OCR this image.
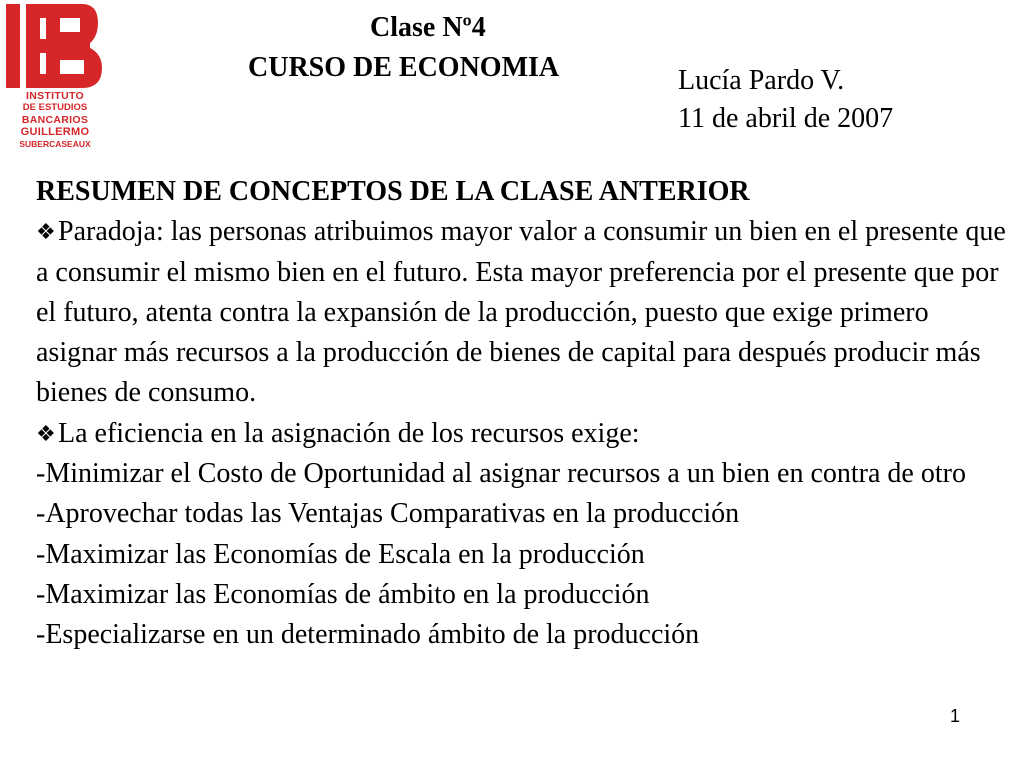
INSTITUTO
DE ESTUDIOS
BANCARIOS
GUILLERMO
SUBERCASEAUX
Clase Nº4
CURSO DE ECONOMIA	Lucía Pardo V.
11 de abril de 2007

RESUMEN DE CONCEPTOS DE LA CLASE ANTERIOR

❖Paradoja: las personas atribuimos mayor valor a consumir un bien en el presente que a consumir el mismo bien en el futuro. Esta mayor preferencia por el presente que por el futuro, atenta contra la expansión de la producción, puesto que exige primero asignar más recursos a la producción de bienes de capital para después producir más bienes de consumo.

❖La eficiencia en la asignación de los recursos exige:

-Minimizar el Costo de Oportunidad al asignar recursos a un bien en contra de otro

-Aprovechar todas las Ventajas Comparativas en la producción

-Maximizar las Economías de Escala en la producción

-Maximizar las Economías de ámbito en la producción

-Especializarse en un determinado ámbito de la producción

1
